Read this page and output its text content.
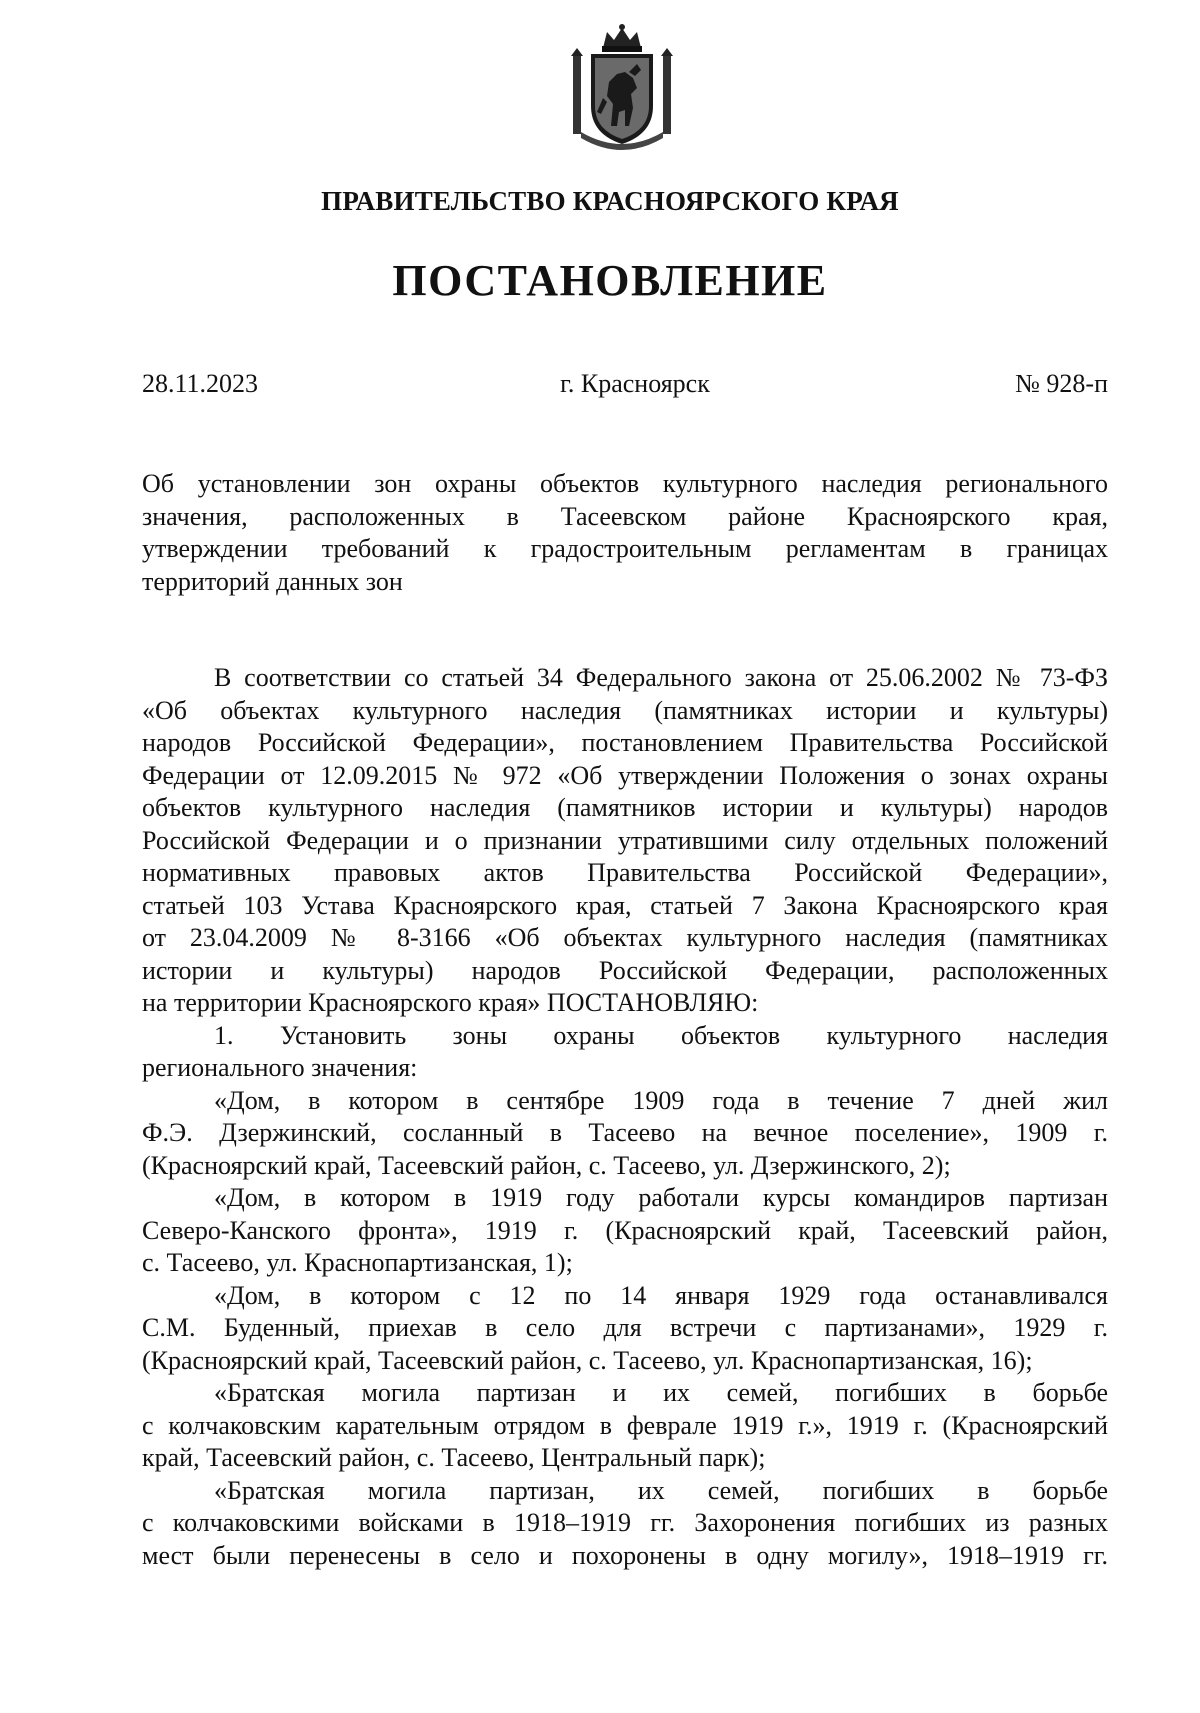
ПРАВИТЕЛЬСТВО КРАСНОЯРСКОГО КРАЯ
ПОСТАНОВЛЕНИЕ
28.11.2023	г. Красноярск	№ 928-п
Об установлении зон охраны объектов культурного наследия регионального
значения, расположенных в Тасеевском районе Красноярского края,
утверждении требований к градостроительным регламентам в границах
территорий данных зон
В соответствии со статьей 34 Федерального закона от 25.06.2002 № 73-ФЗ
«Об объектах культурного наследия (памятниках истории и культуры)
народов Российской Федерации», постановлением Правительства Российской
Федерации от 12.09.2015 № 972 «Об утверждении Положения о зонах охраны
объектов культурного наследия (памятников истории и культуры) народов
Российской Федерации и о признании утратившими силу отдельных положений
нормативных правовых актов Правительства Российской Федерации»,
статьей 103 Устава Красноярского края, статьей 7 Закона Красноярского края
от 23.04.2009 № 8-3166 «Об объектах культурного наследия (памятниках
истории и культуры) народов Российской Федерации, расположенных
на территории Красноярского края» ПОСТАНОВЛЯЮ:
1. Установить зоны охраны объектов культурного наследия
регионального значения:
«Дом, в котором в сентябре 1909 года в течение 7 дней жил
Ф.Э. Дзержинский, сосланный в Тасеево на вечное поселение», 1909 г.
(Красноярский край, Тасеевский район, с. Тасеево, ул. Дзержинского, 2);
«Дом, в котором в 1919 году работали курсы командиров партизан
Северо-Канского фронта», 1919 г. (Красноярский край, Тасеевский район,
с. Тасеево, ул. Краснопартизанская, 1);
«Дом, в котором с 12 по 14 января 1929 года останавливался
С.М. Буденный, приехав в село для встречи с партизанами», 1929 г.
(Красноярский край, Тасеевский район, с. Тасеево, ул. Краснопартизанская, 16);
«Братская могила партизан и их семей, погибших в борьбе
с колчаковским карательным отрядом в феврале 1919 г.», 1919 г. (Красноярский
край, Тасеевский район, с. Тасеево, Центральный парк);
«Братская могила партизан, их семей, погибших в борьбе
с колчаковскими войсками в 1918–1919 гг. Захоронения погибших из разных
мест были перенесены в село и похоронены в одну могилу», 1918–1919 гг.
